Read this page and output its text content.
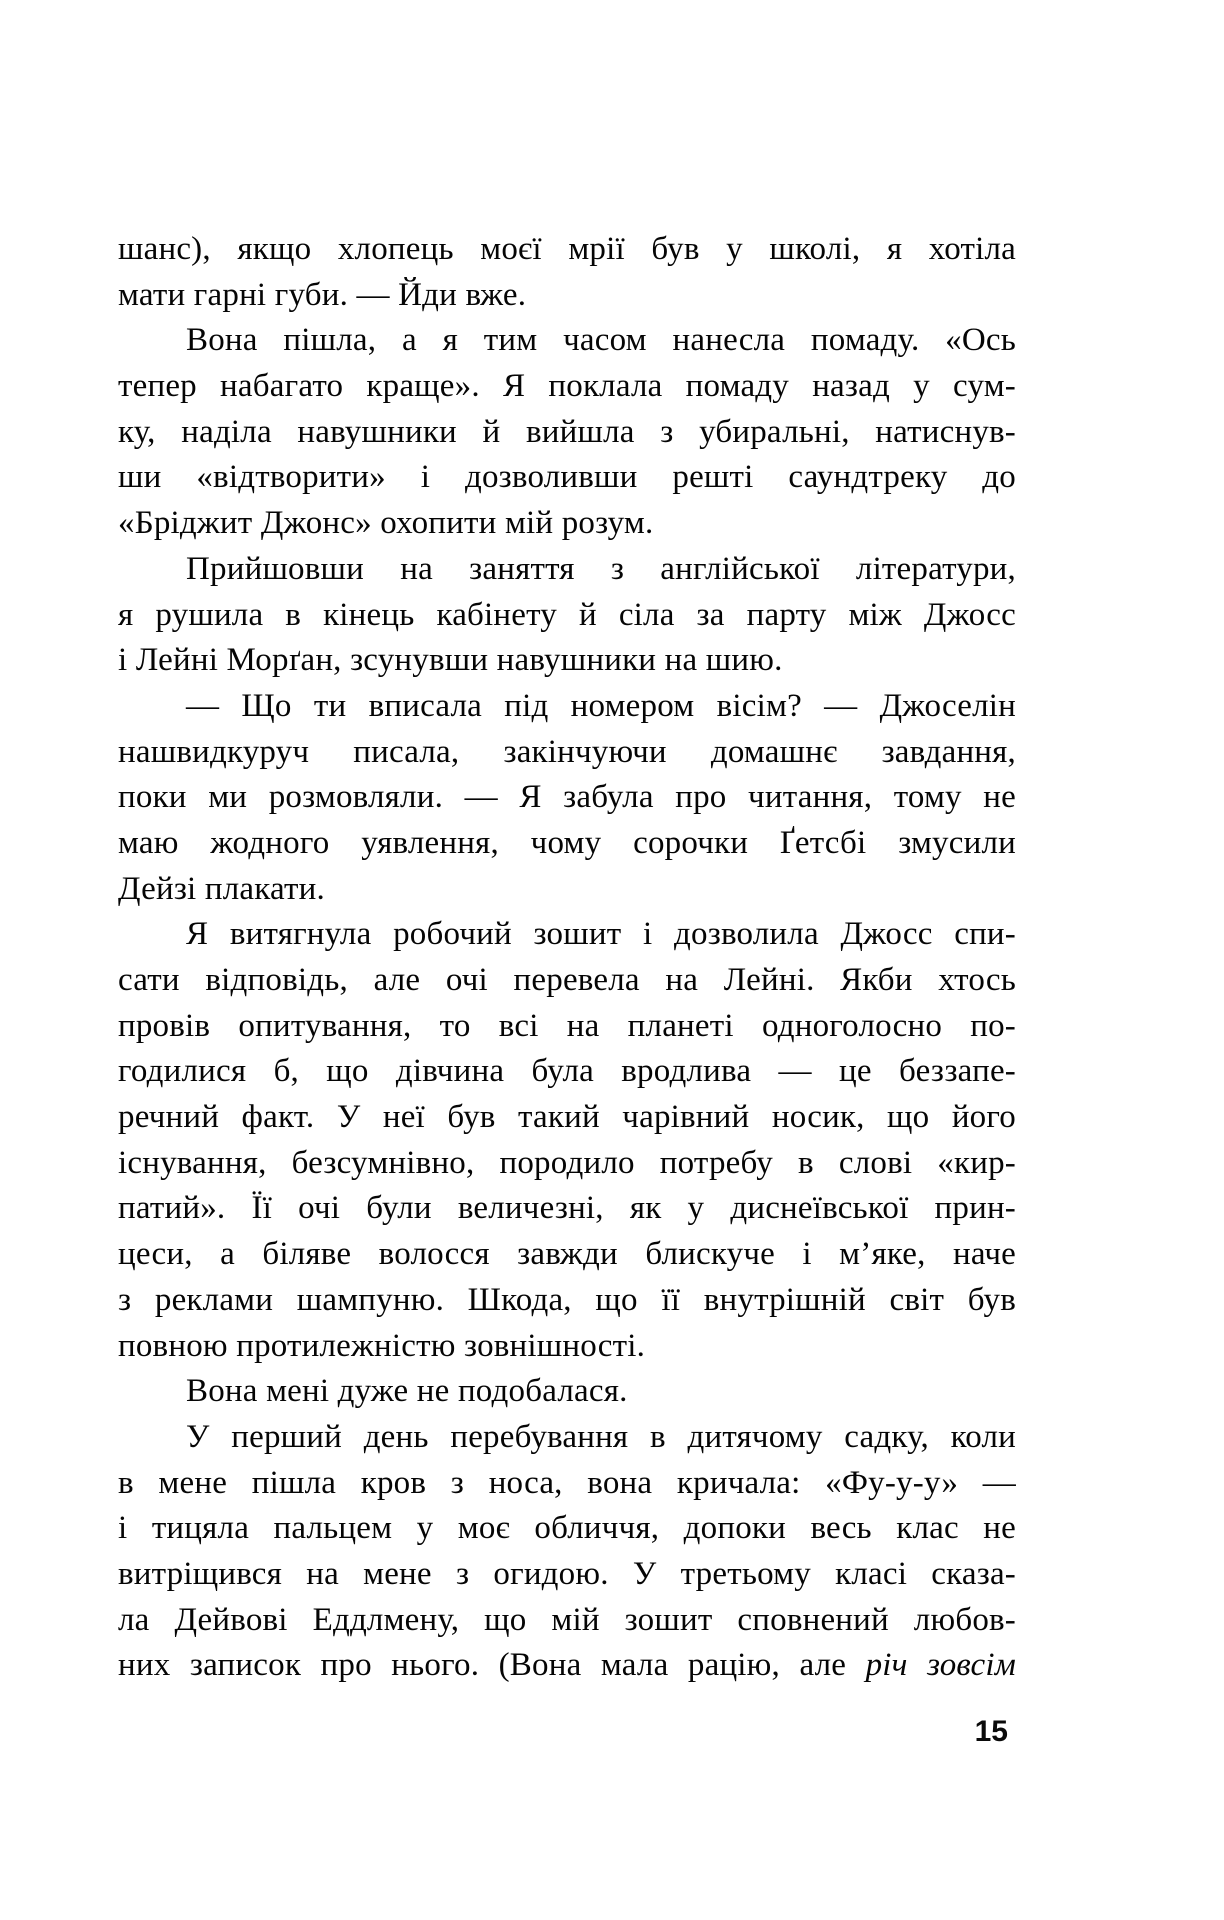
шанс), якщо хлопець моєї мрії був у школі, я хотіла
мати гарні губи. — Йди вже.
Вона пішла, а я тим часом нанесла помаду. «Ось
тепер набагато краще». Я поклала помаду назад у сум-
ку, наділа навушники й вийшла з убиральні, натиснув-
ши «відтворити» і дозволивши решті саундтреку до
«Бріджит Джонс» охопити мій розум.
Прийшовши на заняття з англійської літератури,
я рушила в кінець кабінету й сіла за парту між Джосс
і Лейні Морґан, зсунувши навушники на шию.
— Що ти вписала під номером вісім? — Джоселін
нашвидкуруч писала, закінчуючи домашнє завдання,
поки ми розмовляли. — Я забула про читання, тому не
маю жодного уявлення, чому сорочки Ґетсбі змусили
Дейзі плакати.
Я витягнула робочий зошит і дозволила Джосс спи-
сати відповідь, але очі перевела на Лейні. Якби хтось
провів опитування, то всі на планеті одноголосно по-
годилися б, що дівчина була вродлива — це беззапе-
речний факт. У неї був такий чарівний носик, що його
існування, безсумнівно, породило потребу в слові «кир-
патий». Її очі були величезні, як у диснеївської прин-
цеси, а біляве волосся завжди блискуче і м’яке, наче
з реклами шампуню. Шкода, що її внутрішній світ був
повною протилежністю зовнішності.
Вона мені дуже не подобалася.
У перший день перебування в дитячому садку, коли
в мене пішла кров з носа, вона кричала: «Фу-у-у» —
і тицяла пальцем у моє обличчя, допоки весь клас не
витріщився на мене з огидою. У третьому класі сказа-
ла Дейвові Еддлмену, що мій зошит сповнений любов-
них записок про нього. (Вона мала рацію, але річ зовсім
15
